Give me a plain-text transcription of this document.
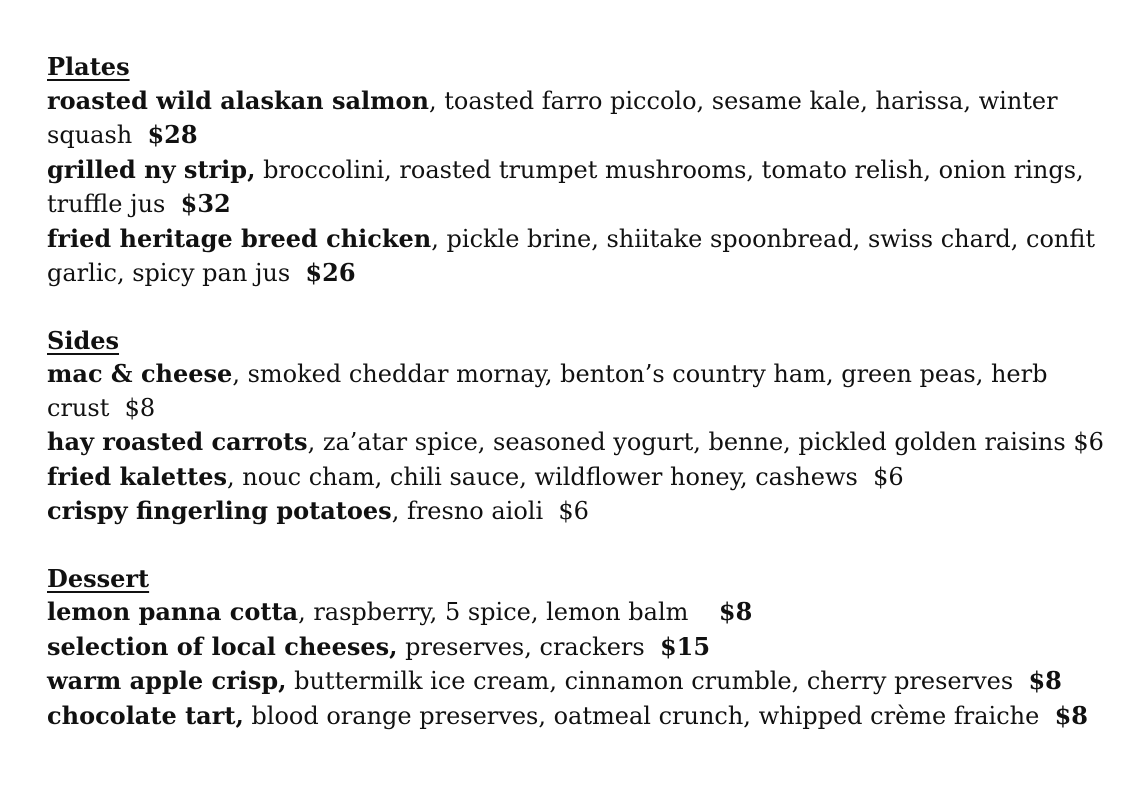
Plates

roasted wild alaskan salmon, toasted farro piccolo, sesame kale, harissa, winter squash $28

grilled ny strip, broccolini, roasted trumpet mushrooms, tomato relish, onion rings, truffle jus $32

fried heritage breed chicken, pickle brine, shiitake spoonbread, swiss chard, confit garlic, spicy pan jus $26

Sides

mac & cheese, smoked cheddar mornay, benton’s country ham, green peas, herb crust $8

hay roasted carrots, za’atar spice, seasoned yogurt, benne, pickled golden raisins $6

fried kalettes, nouc cham, chili sauce, wildflower honey, cashews $6

crispy fingerling potatoes, fresno aioli $6

Dessert

lemon panna cotta, raspberry, 5 spice, lemon balm $8

selection of local cheeses, preserves, crackers $15

warm apple crisp, buttermilk ice cream, cinnamon crumble, cherry preserves $8

chocolate tart, blood orange preserves, oatmeal crunch, whipped crème fraiche $8
